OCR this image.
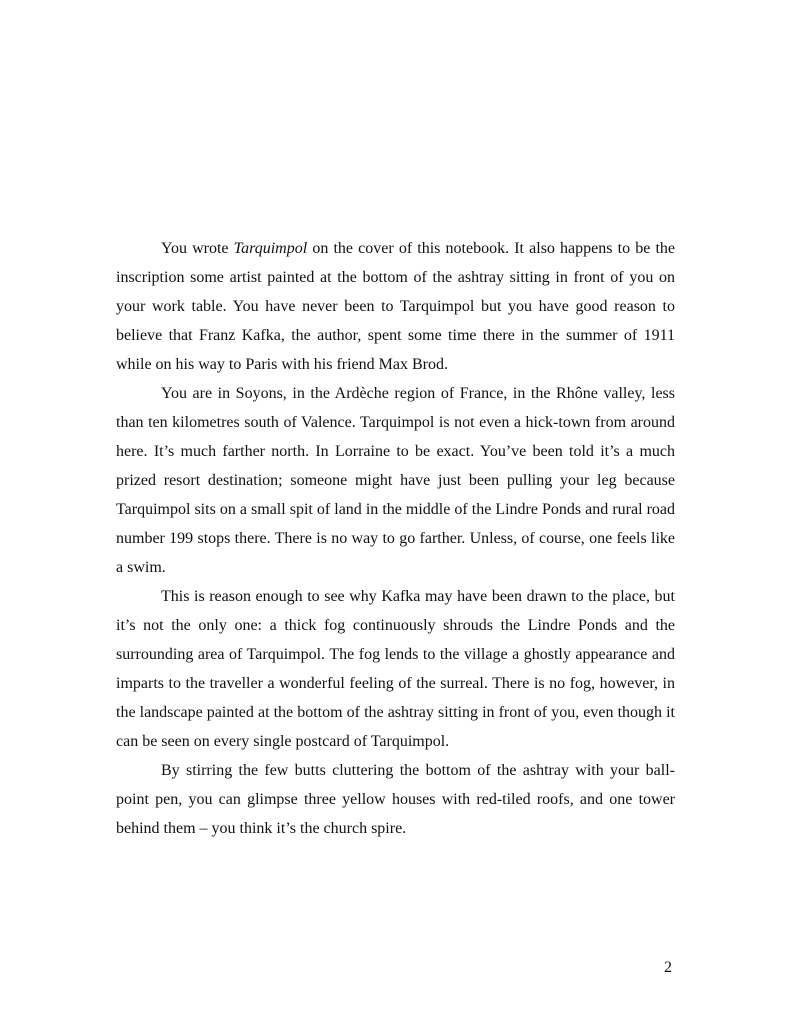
You wrote Tarquimpol on the cover of this notebook. It also happens to be the inscription some artist painted at the bottom of the ashtray sitting in front of you on your work table. You have never been to Tarquimpol but you have good reason to believe that Franz Kafka, the author, spent some time there in the summer of 1911 while on his way to Paris with his friend Max Brod.

You are in Soyons, in the Ardèche region of France, in the Rhône valley, less than ten kilometres south of Valence. Tarquimpol is not even a hick-town from around here. It’s much farther north. In Lorraine to be exact. You’ve been told it’s a much prized resort destination; someone might have just been pulling your leg because Tarquimpol sits on a small spit of land in the middle of the Lindre Ponds and rural road number 199 stops there. There is no way to go farther. Unless, of course, one feels like a swim.

This is reason enough to see why Kafka may have been drawn to the place, but it’s not the only one: a thick fog continuously shrouds the Lindre Ponds and the surrounding area of Tarquimpol. The fog lends to the village a ghostly appearance and imparts to the traveller a wonderful feeling of the surreal. There is no fog, however, in the landscape painted at the bottom of the ashtray sitting in front of you, even though it can be seen on every single postcard of Tarquimpol.

By stirring the few butts cluttering the bottom of the ashtray with your ball-point pen, you can glimpse three yellow houses with red-tiled roofs, and one tower behind them – you think it’s the church spire.

2
